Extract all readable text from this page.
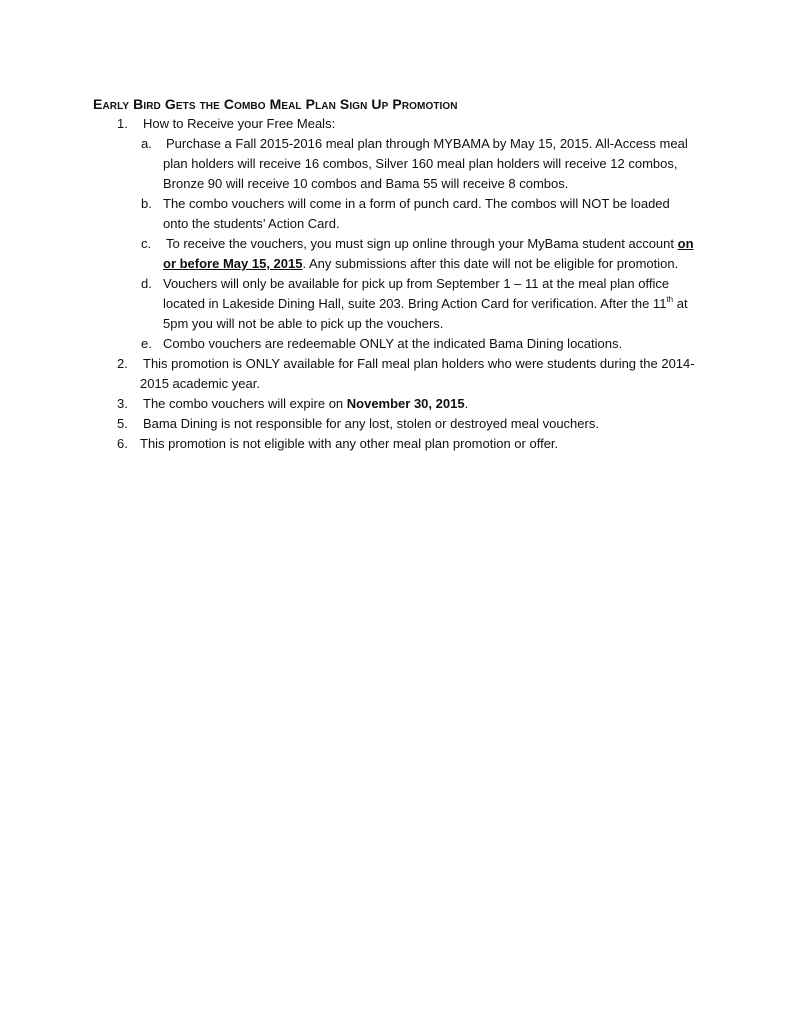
Early Bird Gets the Combo Meal Plan Sign Up Promotion
1. How to Receive your Free Meals:
a. Purchase a Fall 2015-2016 meal plan through MYBAMA by May 15, 2015. All-Access meal
plan holders will receive 16 combos, Silver 160 meal plan holders will receive 12 combos,
Bronze 90 will receive 10 combos and Bama 55 will receive 8 combos.
b. The combo vouchers will come in a form of punch card. The combos will NOT be loaded
onto the students’ Action Card.
c. To receive the vouchers, you must sign up online through your MyBama student account on
or before May 15, 2015. Any submissions after this date will not be eligible for promotion.
d. Vouchers will only be available for pick up from September 1 – 11 at the meal plan office
located in Lakeside Dining Hall, suite 203. Bring Action Card for verification. After the 11th at
5pm you will not be able to pick up the vouchers.
e. Combo vouchers are redeemable ONLY at the indicated Bama Dining locations.
2. This promotion is ONLY available for Fall meal plan holders who were students during the 2014-
2015 academic year.
3. The combo vouchers will expire on November 30, 2015.
5. Bama Dining is not responsible for any lost, stolen or destroyed meal vouchers.
6. This promotion is not eligible with any other meal plan promotion or offer.
